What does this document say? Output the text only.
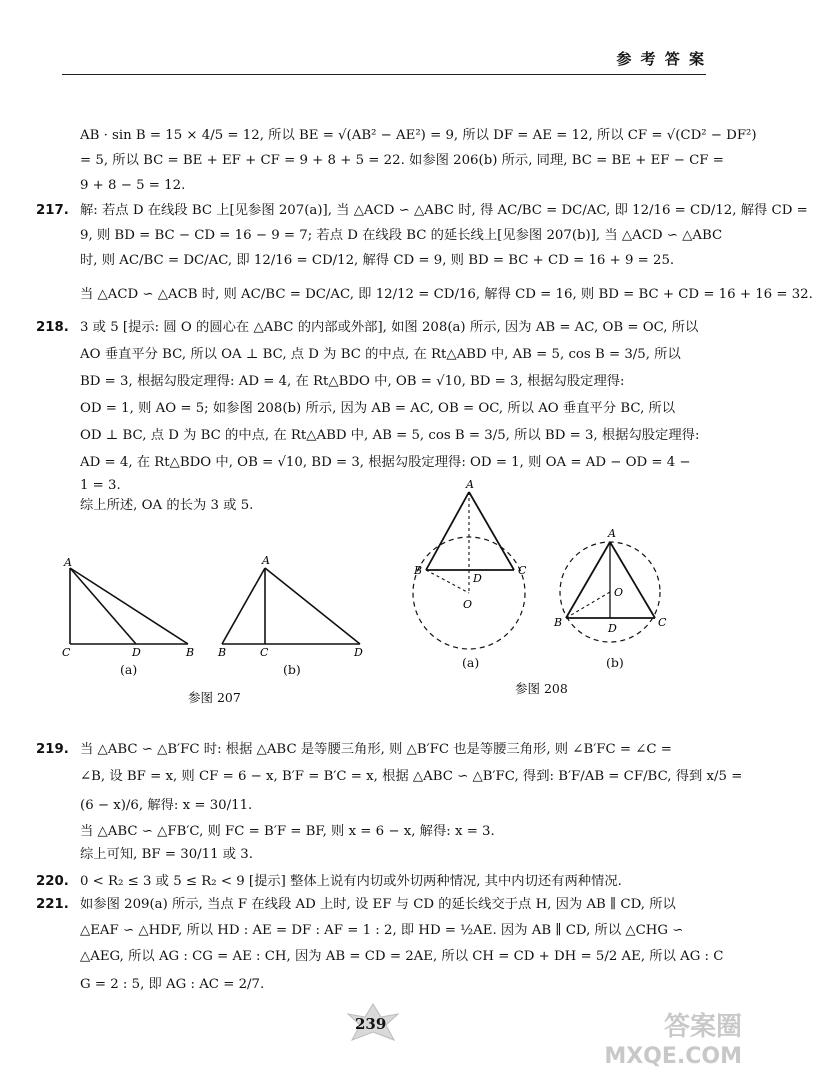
参 考 答 案
AB · sin B = 15 × 4/5 = 12, 所以 BE = √(AB² − AE²) = 9, 所以 DF = AE = 12, 所以 CF = √(CD² − DF²)
= 5, 所以 BC = BE + EF + CF = 9 + 8 + 5 = 22. 如参图 206(b) 所示, 同理, BC = BE + EF − CF =
9 + 8 − 5 = 12.
217. 解: 若点 D 在线段 BC 上[见参图 207(a)], 当 △ACD ∽ △ABC 时, 得 AC/BC = DC/AC, 即 12/16 = CD/12, 解得 CD =
9, 则 BD = BC − CD = 16 − 9 = 7; 若点 D 在线段 BC 的延长线上[见参图 207(b)], 当 △ACD ∽ △ABC
时, 则 AC/BC = DC/AC, 即 12/16 = CD/12, 解得 CD = 9, 则 BD = BC + CD = 16 + 9 = 25.
当 △ACD ∽ △ACB 时, 则 AC/BC = DC/AC, 即 12/12 = CD/16, 解得 CD = 16, 则 BD = BC + CD = 16 + 16 = 32.
218. 3 或 5 [提示: 圆 O 的圆心在 △ABC 的内部或外部], 如图 208(a) 所示, 因为 AB = AC, OB = OC, 所以
AO 垂直平分 BC, 所以 OA ⊥ BC, 点 D 为 BC 的中点, 在 Rt△ABD 中, AB = 5, cos B = 3/5, 所以
BD = 3, 根据勾股定理得: AD = 4, 在 Rt△BDO 中, OB = √10, BD = 3, 根据勾股定理得:
OD = 1, 则 AO = 5; 如参图 208(b) 所示, 因为 AB = AC, OB = OC, 所以 AO 垂直平分 BC, 所以
OD ⊥ BC, 点 D 为 BC 的中点, 在 Rt△ABD 中, AB = 5, cos B = 3/5, 所以 BD = 3, 根据勾股定理得:
AD = 4, 在 Rt△BDO 中, OB = √10, BD = 3, 根据勾股定理得: OD = 1, 则 OA = AD − OD = 4 −
1 = 3.
综上所述, OA 的长为 3 或 5.
A
C	D	B
(a)
A
B	C	D
(b)
参图 207
A
B	C
D
O
(a)
A
O
B	D	C
(b)
参图 208
219. 当 △ABC ∽ △B′FC 时: 根据 △ABC 是等腰三角形, 则 △B′FC 也是等腰三角形, 则 ∠B′FC = ∠C =
∠B, 设 BF = x, 则 CF = 6 − x, B′F = B′C = x, 根据 △ABC ∽ △B′FC, 得到: B′F/AB = CF/BC, 得到 x/5 =
(6 − x)/6, 解得: x = 30/11.
当 △ABC ∽ △FB′C, 则 FC = B′F = BF, 则 x = 6 − x, 解得: x = 3.
综上可知, BF = 30/11 或 3.
220. 0 < R₂ ≤ 3 或 5 ≤ R₂ < 9 [提示] 整体上说有内切或外切两种情况, 其中内切还有两种情况.
221. 如参图 209(a) 所示, 当点 F 在线段 AD 上时, 设 EF 与 CD 的延长线交于点 H, 因为 AB ∥ CD, 所以
△EAF ∽ △HDF, 所以 HD : AE = DF : AF = 1 : 2, 即 HD = ½AE. 因为 AB ∥ CD, 所以 △CHG ∽
△AEG, 所以 AG : CG = AE : CH, 因为 AB = CD = 2AE, 所以 CH = CD + DH = 5/2 AE, 所以 AG : C
G = 2 : 5, 即 AG : AC = 2/7.
239	答案圈
MXQE.COM
